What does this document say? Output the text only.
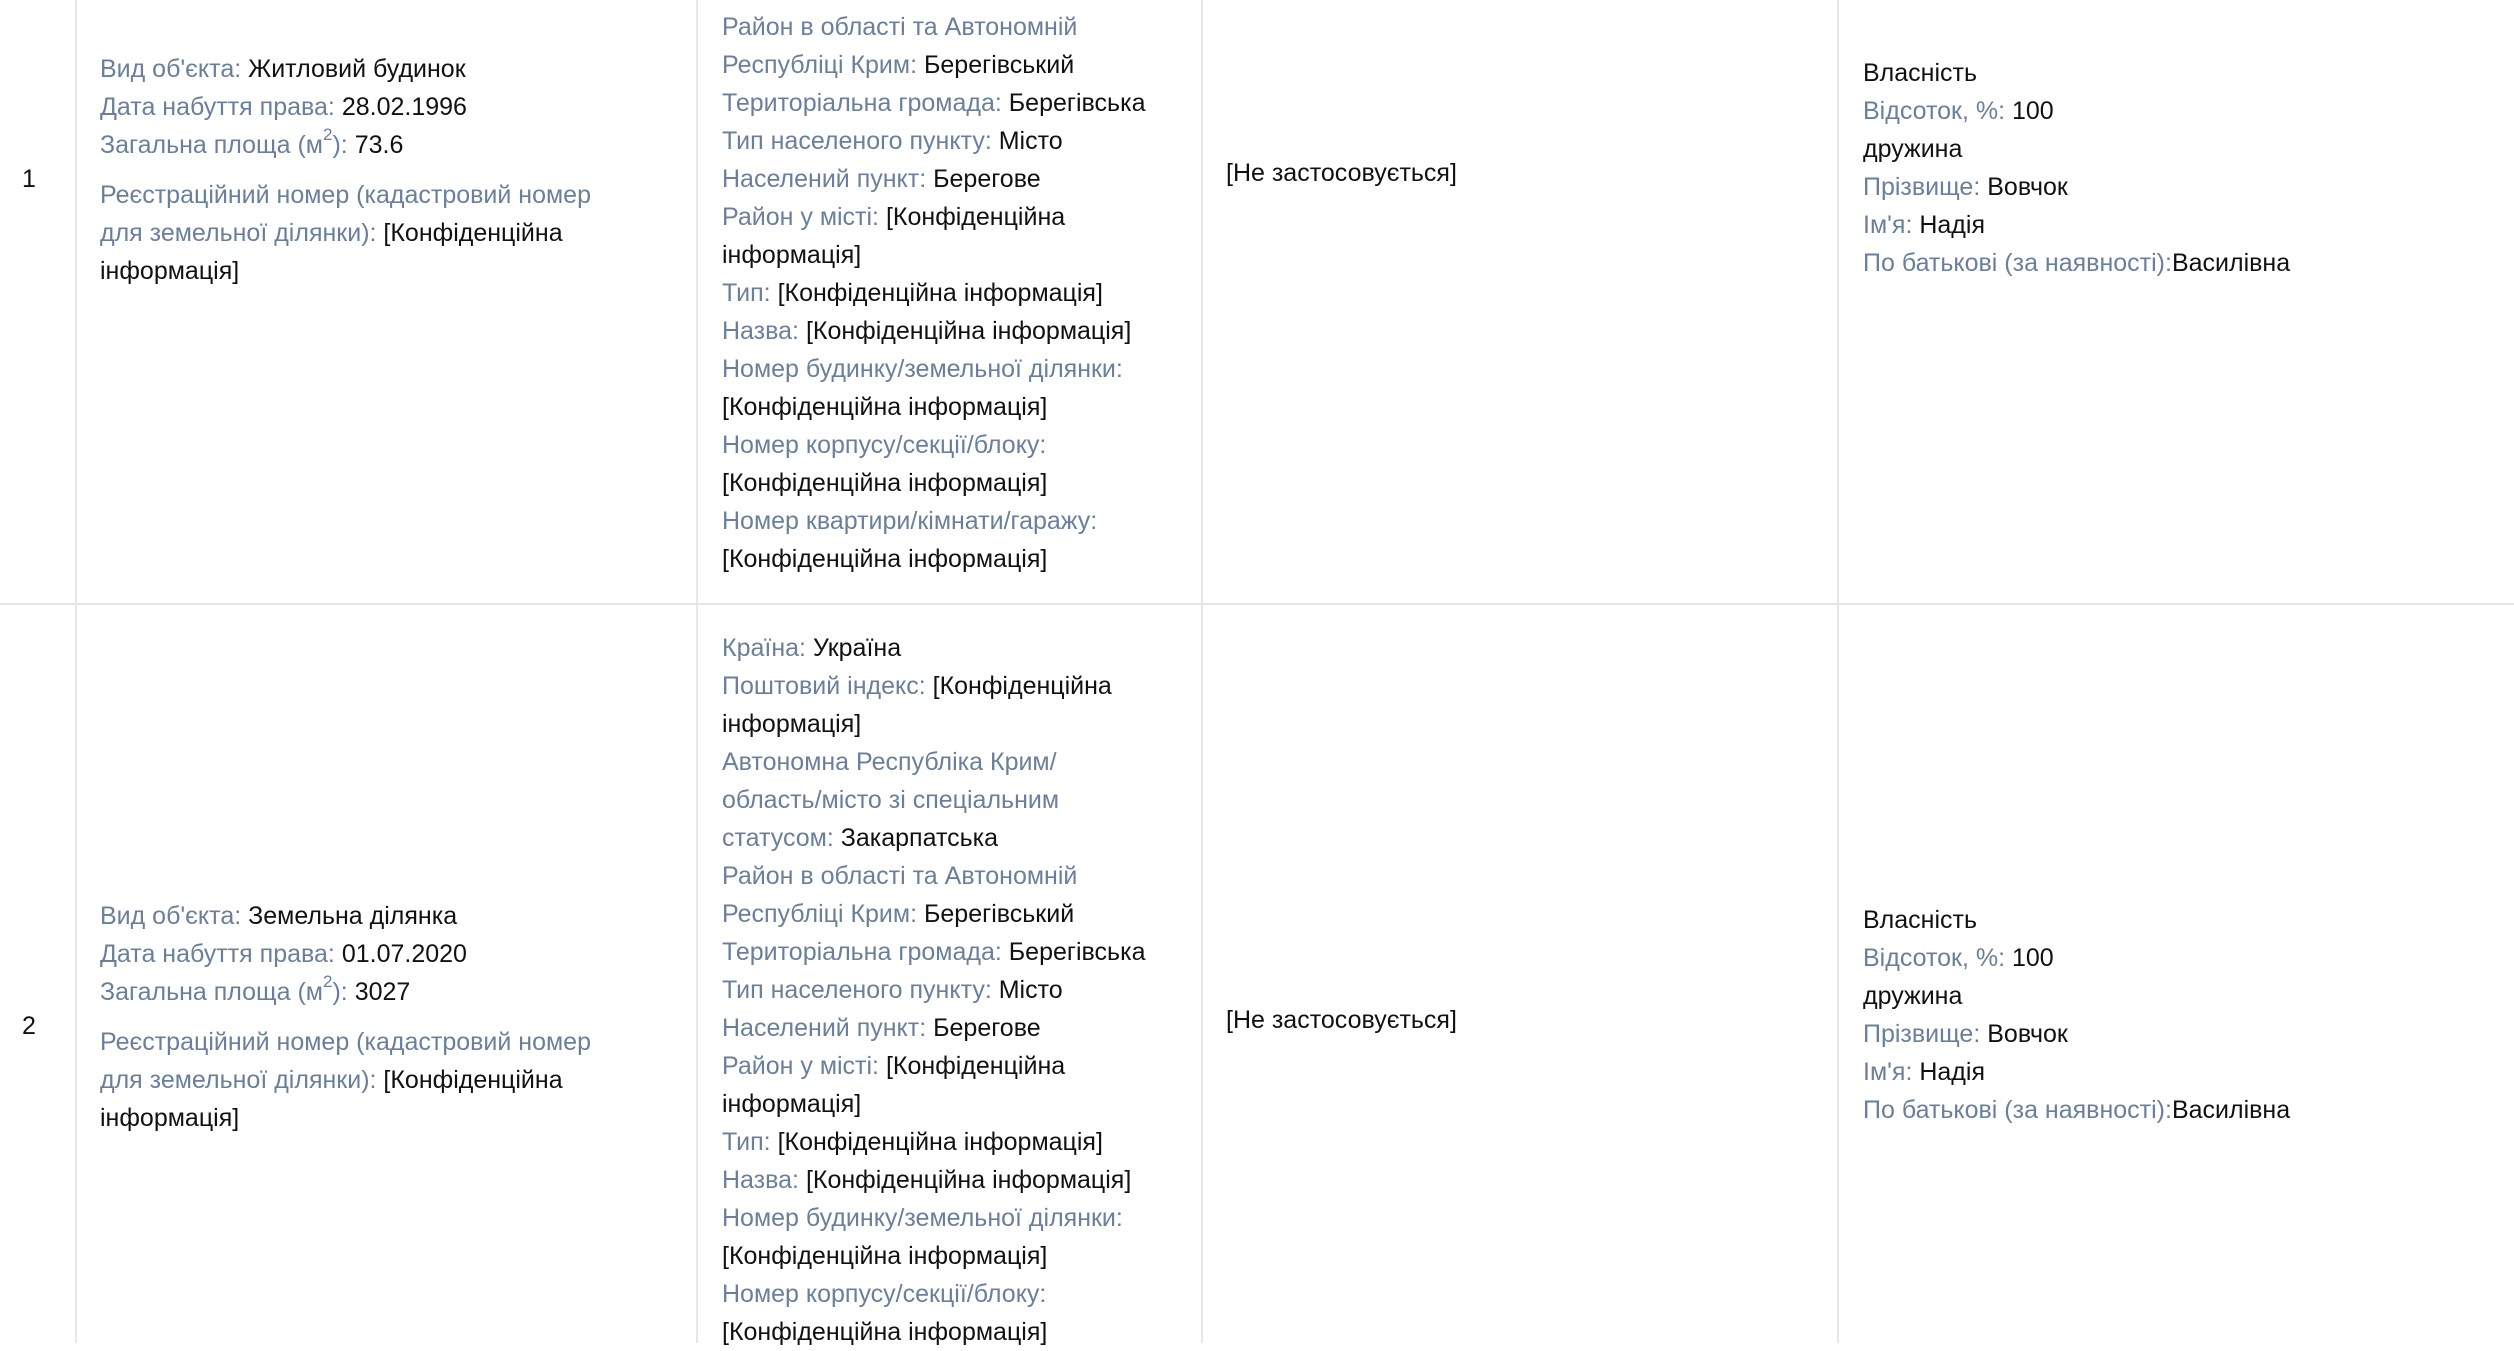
1
Вид об'єкта: Житловий будинок
Дата набуття права: 28.02.1996
Загальна площа $(м^2)$: 73.6
Реєстраційний номер (кадастровий номер
для земельної ділянки): [Конфіденційна
інформація]
Район в області та Автономній
Республіці Крим: Берегівський
Територіальна громада: Берегівська
Тип населеного пункту: Місто
Населений пункт: Берегове
Район у місті: [Конфіденційна
інформація]
Тип: [Конфіденційна інформація]
Назва: [Конфіденційна інформація]
Номер будинку/земельної ділянки:
[Конфіденційна інформація]
Номер корпусу/секції/блоку:
[Конфіденційна інформація]
Номер квартири/кімнати/гаражу:
[Конфіденційна інформація]
[Не застосовується]
Власність
Відсоток, %: 100
дружина
Прізвище: Вовчок
Ім'я: Надія
По батькові (за наявності):Василівна
2
Вид об'єкта: Земельна ділянка
Дата набуття права: 01.07.2020
Загальна площа $(м^2)$: 3027
Реєстраційний номер (кадастровий номер
для земельної ділянки): [Конфіденційна
інформація]
Країна: Україна
Поштовий індекс: [Конфіденційна
інформація]
Автономна Республіка Крим/
область/місто зі спеціальним
статусом: Закарпатська
Район в області та Автономній
Республіці Крим: Берегівський
Територіальна громада: Берегівська
Тип населеного пункту: Місто
Населений пункт: Берегове
Район у місті: [Конфіденційна
інформація]
Тип: [Конфіденційна інформація]
Назва: [Конфіденційна інформація]
Номер будинку/земельної ділянки:
[Конфіденційна інформація]
Номер корпусу/секції/блоку:
[Конфіденційна інформація]
[Не застосовується]
Власність
Відсоток, %: 100
дружина
Прізвище: Вовчок
Ім'я: Надія
По батькові (за наявності):Василівна
